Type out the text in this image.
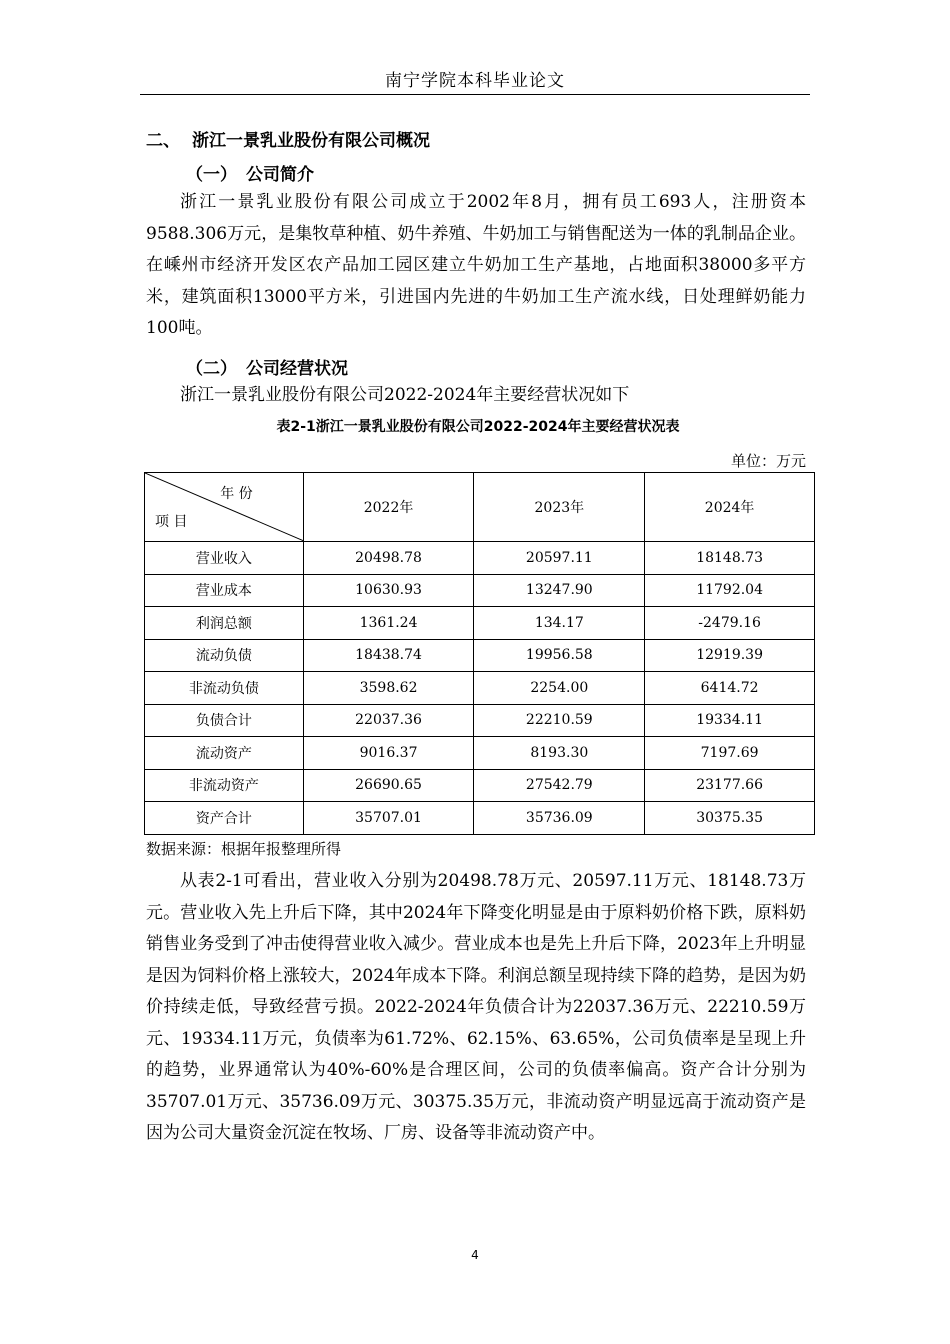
南宁学院本科毕业论文
二、 浙江一景乳业股份有限公司概况
（一） 公司简介

浙江一景乳业股份有限公司成立于2002年8月，拥有员工693人，注册资本9588.306万元，是集牧草种植、奶牛养殖、牛奶加工与销售配送为一体的乳制品企业。在嵊州市经济开发区农产品加工园区建立牛奶加工生产基地，占地面积38000多平方米，建筑面积13000平方米，引进国内先进的牛奶加工生产流水线，日处理鲜奶能力100吨。

（二） 公司经营状况

浙江一景乳业股份有限公司2022-2024年主要经营状况如下

表2-1浙江一景乳业股份有限公司2022-2024年主要经营状况表
单位：万元
年 份
项 目	2022年	2023年	2024年
营业收入	20498.78	20597.11	18148.73
营业成本	10630.93	13247.90	11792.04
利润总额	1361.24	134.17	-2479.16
流动负债	18438.74	19956.58	12919.39
非流动负债	3598.62	2254.00	6414.72
负债合计	22037.36	22210.59	19334.11
流动资产	9016.37	8193.30	7197.69
非流动资产	26690.65	27542.79	23177.66
资产合计	35707.01	35736.09	30375.35
数据来源：根据年报整理所得

从表2-1可看出，营业收入分别为20498.78万元、20597.11万元、18148.73万元。营业收入先上升后下降，其中2024年下降变化明显是由于原料奶价格下跌，原料奶销售业务受到了冲击使得营业收入减少。营业成本也是先上升后下降，2023年上升明显是因为饲料价格上涨较大，2024年成本下降。利润总额呈现持续下降的趋势，是因为奶价持续走低，导致经营亏损。2022-2024年负债合计为22037.36万元、22210.59万元、19334.11万元，负债率为61.72%、62.15%、63.65%，公司负债率是呈现上升的趋势，业界通常认为40%-60%是合理区间，公司的负债率偏高。资产合计分别为35707.01万元、35736.09万元、30375.35万元，非流动资产明显远高于流动资产是因为公司大量资金沉淀在牧场、厂房、设备等非流动资产中。

4
